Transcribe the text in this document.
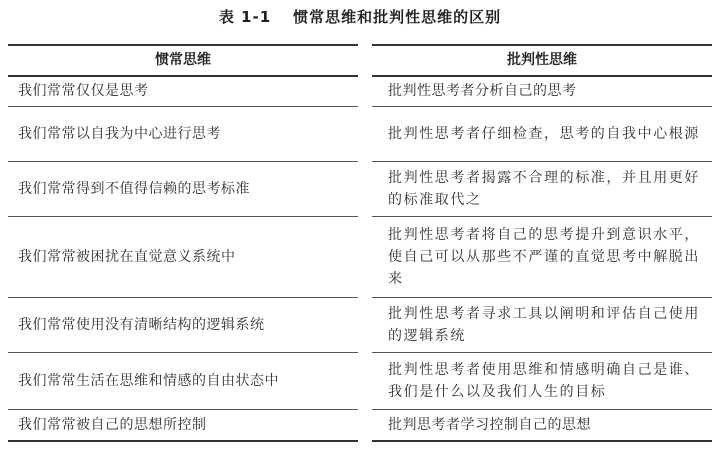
表 1-1 惯常思维和批判性思维的区别
惯常思维
我们常常仅仅是思考
我们常常以自我为中心进行思考
我们常常得到不值得信赖的思考标准
我们常常被困扰在直觉意义系统中
我们常常使用没有清晰结构的逻辑系统
我们常常生活在思维和情感的自由状态中
我们常常被自己的思想所控制
批判性思维
批判性思考者分析自己的思考
批判性思考者仔细检查，思考的自我中心根源
批判性思考者揭露不合理的标准，并且用更好的标准取代之
批判性思考者将自己的思考提升到意识水平，使自己可以从那些不严谨的直觉思考中解脱出来
批判性思考者寻求工具以阐明和评估自己使用的逻辑系统
批判性思考者使用思维和情感明确自己是谁、我们是什么以及我们人生的目标
批判思考者学习控制自己的思想
